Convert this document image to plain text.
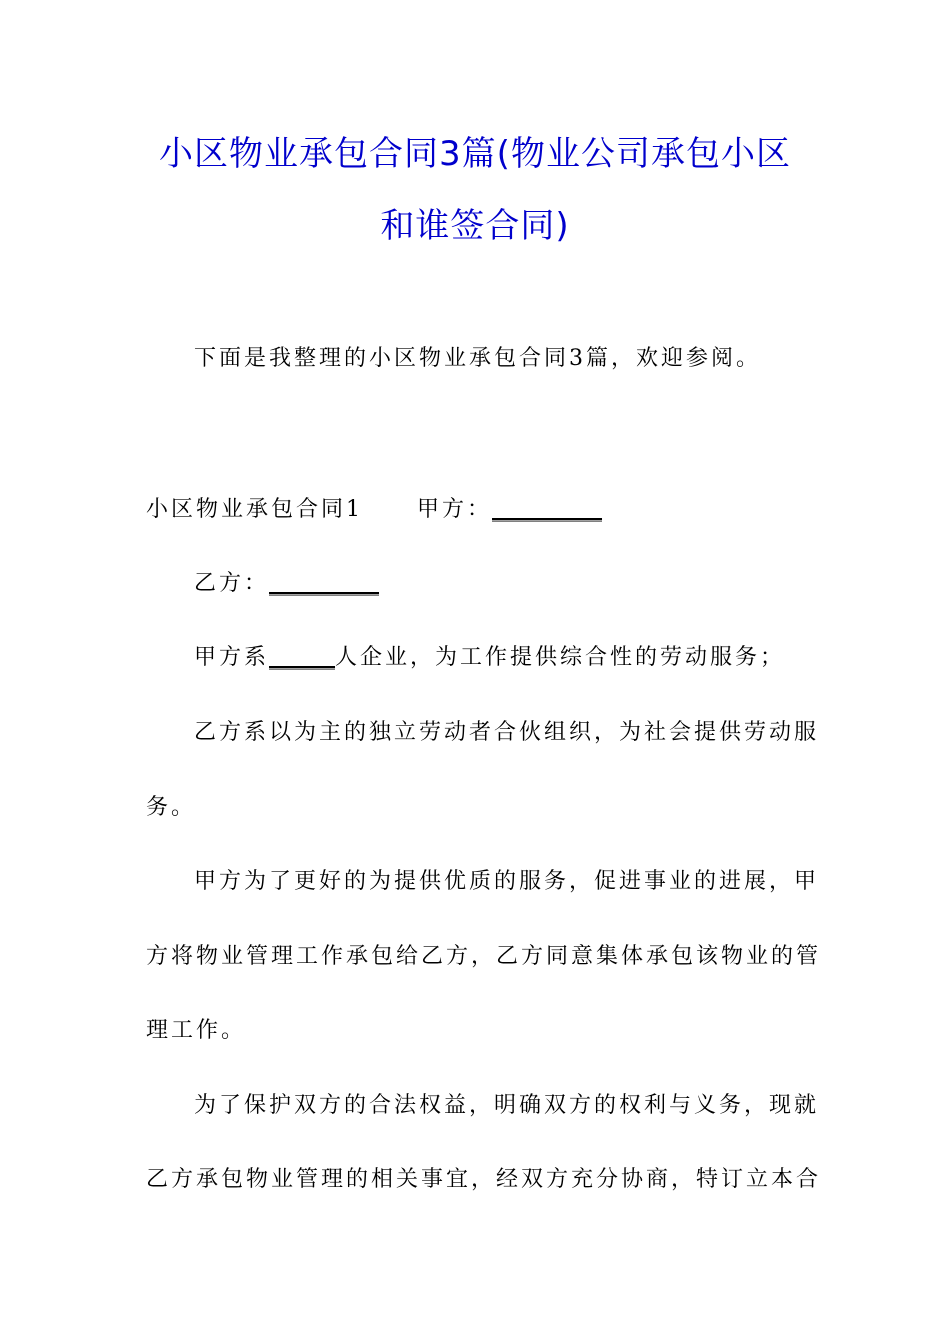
小区物业承包合同3篇(物业公司承包小区
和谁签合同)
下面是我整理的小区物业承包合同3篇，欢迎参阅。
小区物业承包合同1 甲方：__________
乙方：__________
甲方系______人企业，为工作提供综合性的劳动服务；
乙方系以为主的独立劳动者合伙组织，为社会提供劳动服
务。
甲方为了更好的为提供优质的服务，促进事业的进展，甲
方将物业管理工作承包给乙方，乙方同意集体承包该物业的管
理工作。
为了保护双方的合法权益，明确双方的权利与义务，现就
乙方承包物业管理的相关事宜，经双方充分协商，特订立本合
